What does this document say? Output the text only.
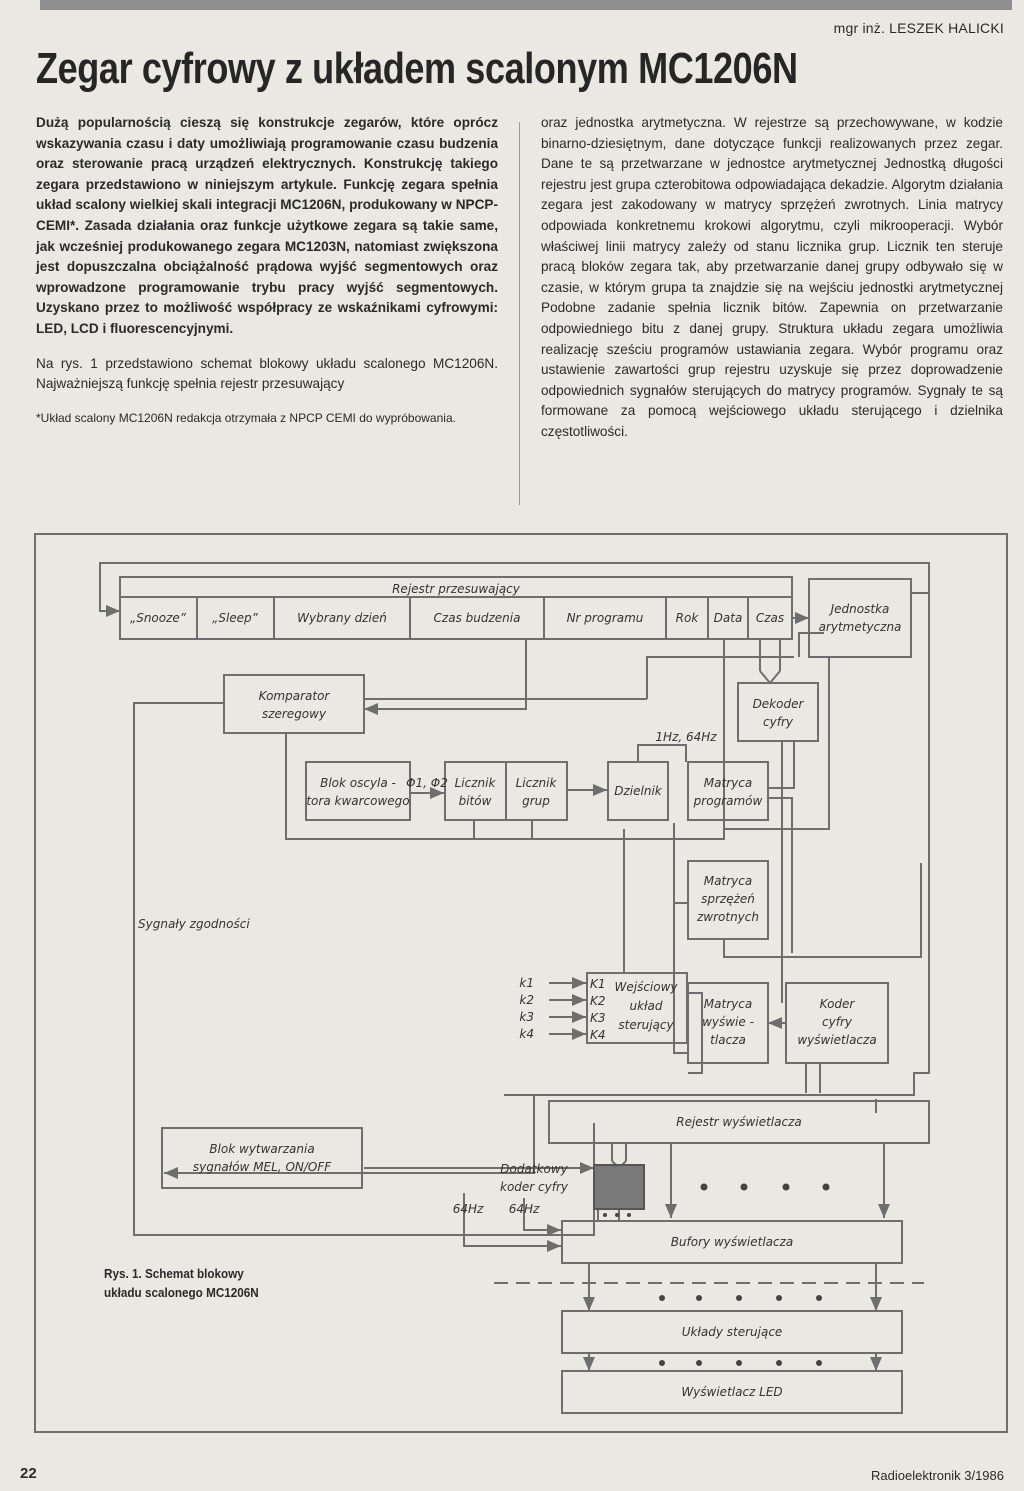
mgr inż. LESZEK HALICKI
Zegar cyfrowy z układem scalonym MC1206N

Dużą popularnością cieszą się konstrukcje zegarów, które oprócz wskazywania czasu i daty umożliwiają programowanie czasu budzenia oraz sterowanie pracą urządzeń elektrycznych. Konstrukcję takiego zegara przedstawiono w niniejszym artykule. Funkcję zegara spełnia układ scalony wielkiej skali integracji MC1206N, produkowany w NPCP-CEMI*. Zasada działania oraz funkcje użytkowe zegara są takie same, jak wcześniej produkowanego zegara MC1203N, natomiast zwiększona jest dopuszczalna obciążalność prądowa wyjść segmentowych oraz wprowadzone programowanie trybu pracy wyjść segmentowych. Uzyskano przez to możliwość współpracy ze wskaźnikami cyfrowymi: LED, LCD i fluorescencyjnymi.

Na rys. 1 przedstawiono schemat blokowy układu scalonego MC1206N. Najważniejszą funkcję spełnia rejestr przesuwający

*Układ scalony MC1206N redakcja otrzymała z NPCP CEMI do wypróbowania.

oraz jednostka arytmetyczna. W rejestrze są przechowywane, w kodzie binarno-dziesiętnym, dane dotyczące funkcji realizowanych przez zegar. Dane te są przetwarzane w jednostce arytmetycznej Jednostką długości rejestru jest grupa czterobitowa odpowiadająca dekadzie. Algorytm działania zegara jest zakodowany w matrycy sprzężeń zwrotnych. Linia matrycy odpowiada konkretnemu krokowi algorytmu, czyli mikrooperacji. Wybór właściwej linii matrycy zależy od stanu licznika grup. Licznik ten steruje pracą bloków zegara tak, aby przetwarzanie danej grupy odbywało się w czasie, w którym grupa ta znajdzie się na wejściu jednostki arytmetycznej Podobne zadanie spełnia licznik bitów. Zapewnia on przetwarzanie odpowiedniego bitu z danej grupy. Struktura układu zegara umożliwia realizację sześciu programów ustawiania zegara. Wybór programu oraz ustawienie zawartości grup rejestru uzyskuje się przez doprowadzenie odpowiednich sygnałów sterujących do matrycy programów. Sygnały te są formowane za pomocą wejściowego układu sterującego i dzielnika częstotliwości.

Rejestr przesuwający
„Snooze” „Sleep”	Wybrany dzień	Czas budzenia	Nr programu	Rok Data Czas
Jednostka
arytmetyczna
Komparator
szeregowy
Dekoder
cyfry
1Hz, 64Hz
Blok oscyla -
tora kwarcowego
Φ1, Φ2 Licznik
bitów
Licznik
grup
Dzielnik
Matryca
programów
Matryca
sprzężeń
zwrotnych
Sygnały zgodności
k1
k2
k3
k4
K1
K2
K3
K4
Wejściowy
układ
sterujący
Matryca
wyświe -
tlacza
Koder
cyfry
wyświetlacza
Blok wytwarzania
sygnałów MEL, ON/OFF
Rejestr wyświetlacza
Dodatkowy
koder cyfry
64Hz 64Hz
Bufory wyświetlacza
Układy sterujące
Wyświetlacz LED
Rys. 1. Schemat blokowy
układu scalonego MC1206N
22	Radioelektronik 3/1986
